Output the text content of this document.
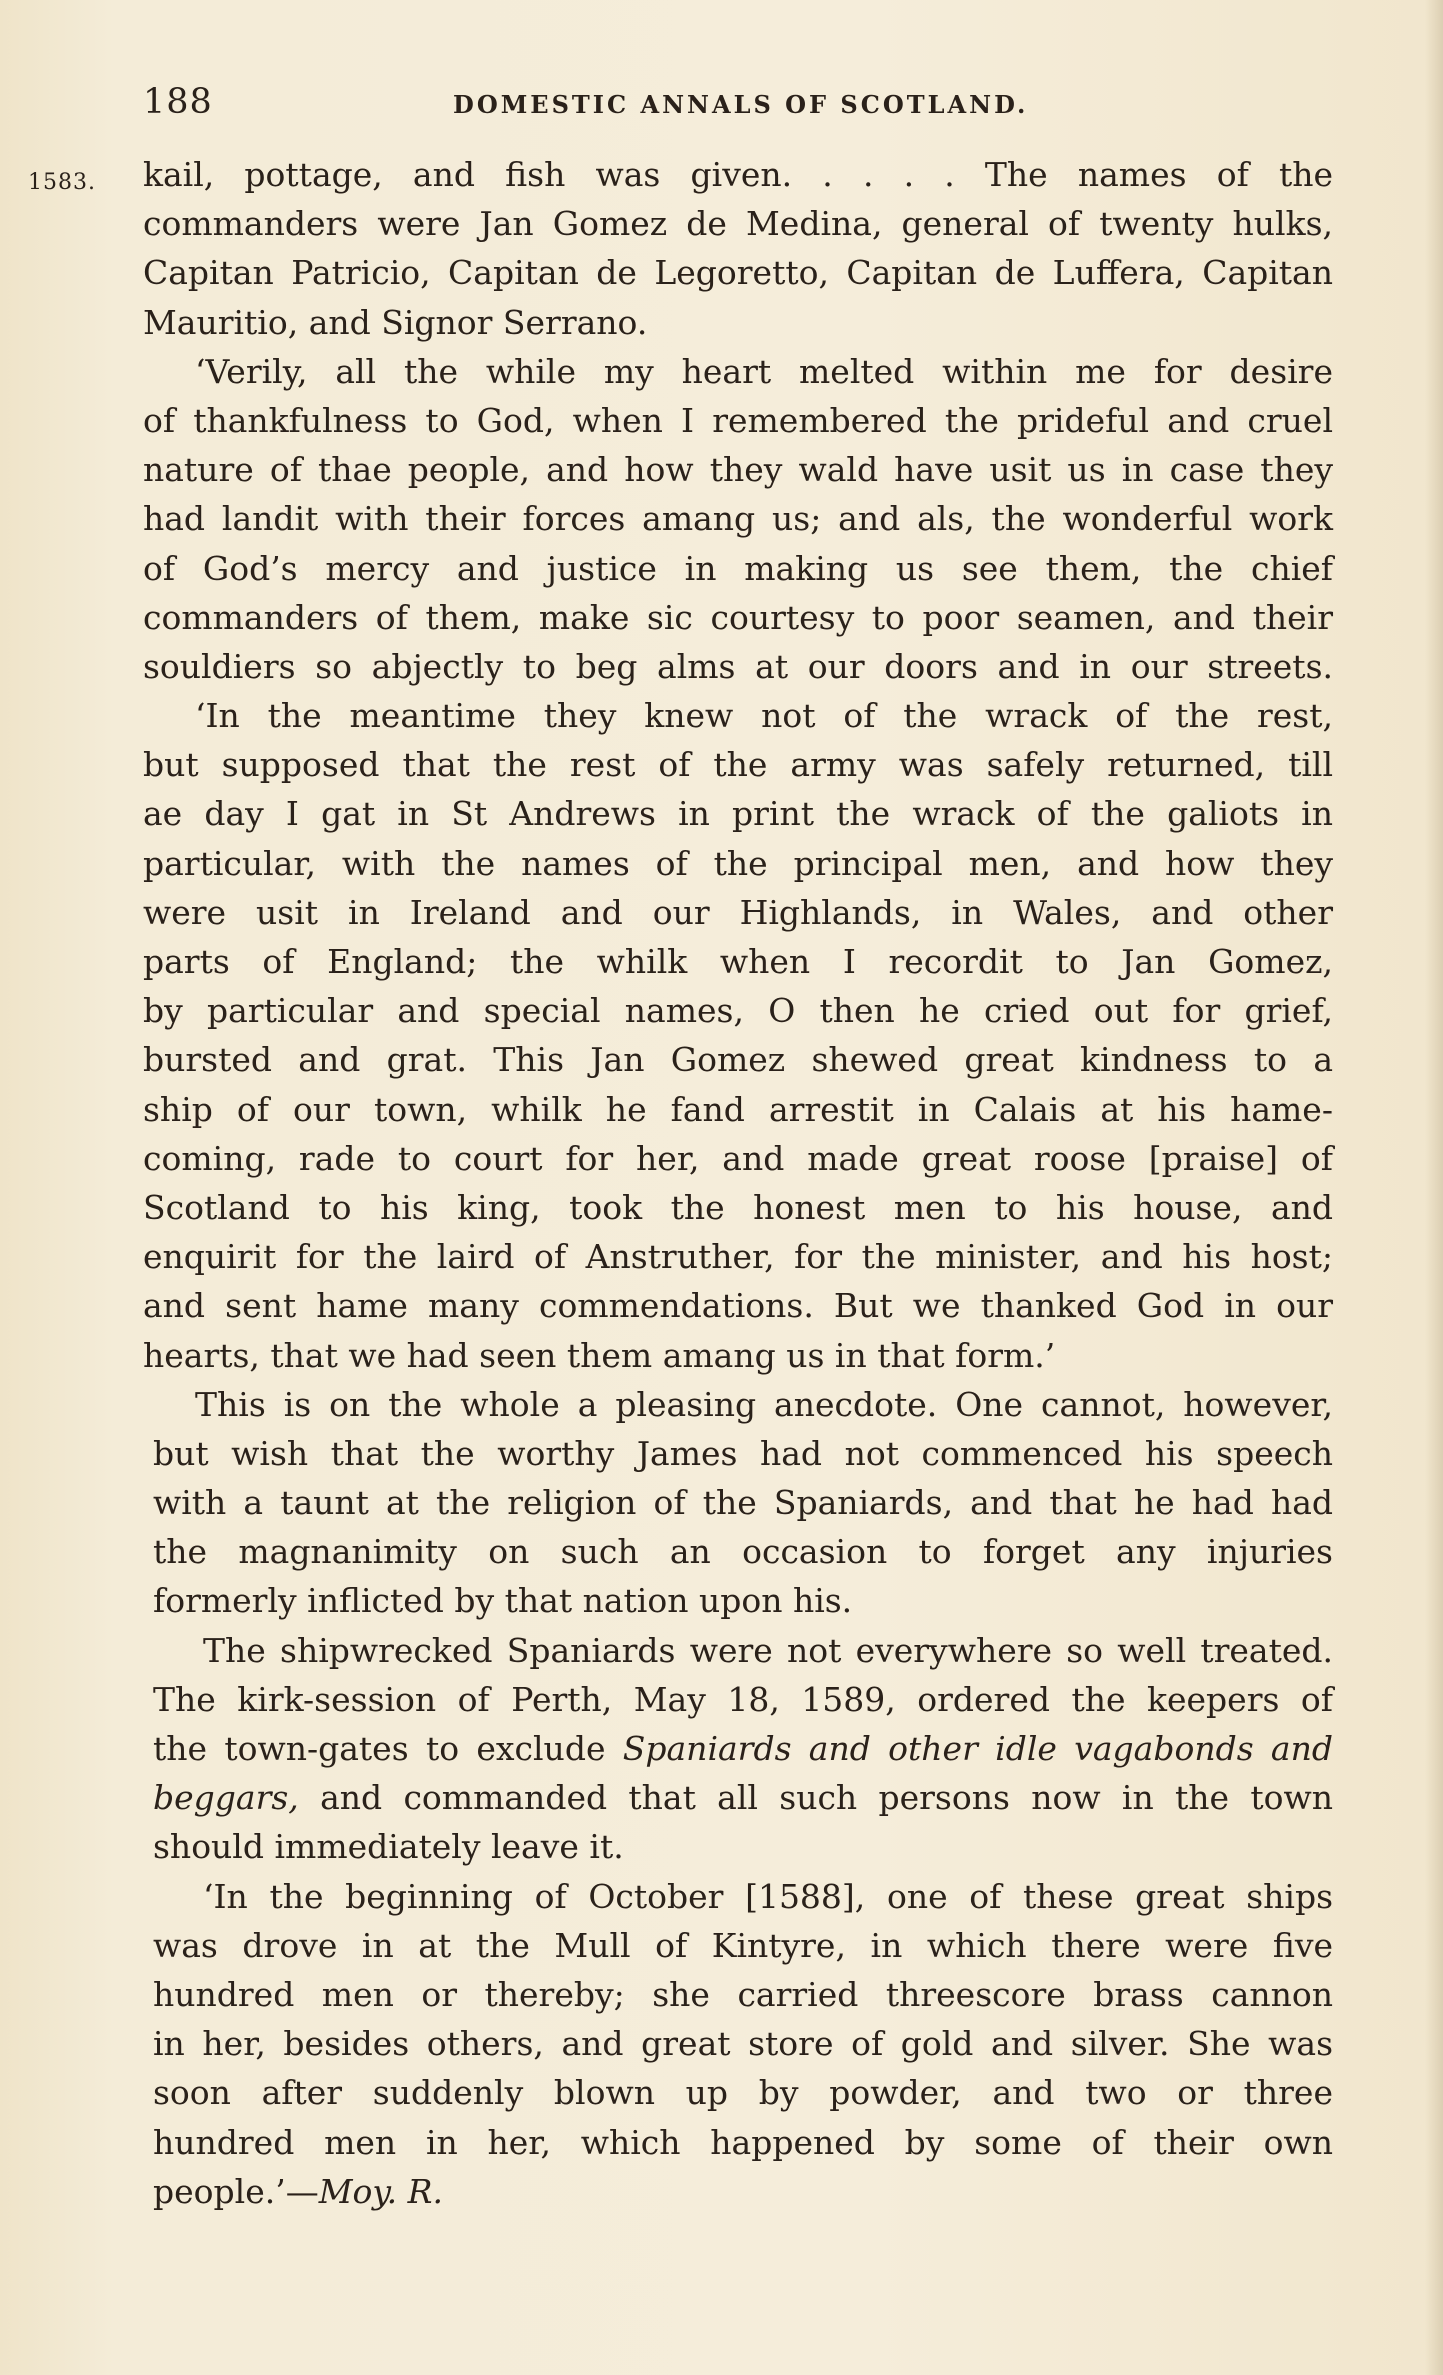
188	DOMESTIC ANNALS OF SCOTLAND.
1583. kail, pottage, and fish was given. . . . . The names of the
commanders were Jan Gomez de Medina, general of twenty hulks,
Capitan Patricio, Capitan de Legoretto, Capitan de Luffera, Capitan
Mauritio, and Signor Serrano.
‘Verily, all the while my heart melted within me for desire
of thankfulness to God, when I remembered the prideful and cruel
nature of thae people, and how they wald have usit us in case they
had landit with their forces amang us; and als, the wonderful work
of God’s mercy and justice in making us see them, the chief
commanders of them, make sic courtesy to poor seamen, and their
souldiers so abjectly to beg alms at our doors and in our streets.
‘In the meantime they knew not of the wrack of the rest,
but supposed that the rest of the army was safely returned, till
ae day I gat in St Andrews in print the wrack of the galiots in
particular, with the names of the principal men, and how they
were usit in Ireland and our Highlands, in Wales, and other
parts of England; the whilk when I recordit to Jan Gomez,
by particular and special names, O then he cried out for grief,
bursted and grat. This Jan Gomez shewed great kindness to a
ship of our town, whilk he fand arrestit in Calais at his hame-
coming, rade to court for her, and made great roose [praise] of
Scotland to his king, took the honest men to his house, and
enquirit for the laird of Anstruther, for the minister, and his host;
and sent hame many commendations. But we thanked God in our
hearts, that we had seen them amang us in that form.’
This is on the whole a pleasing anecdote. One cannot, however,
but wish that the worthy James had not commenced his speech
with a taunt at the religion of the Spaniards, and that he had had
the magnanimity on such an occasion to forget any injuries
formerly inflicted by that nation upon his.
The shipwrecked Spaniards were not everywhere so well treated.
The kirk-session of Perth, May 18, 1589, ordered the keepers of
the town-gates to exclude Spaniards and other idle vagabonds and
beggars, and commanded that all such persons now in the town
should immediately leave it.
‘In the beginning of October [1588], one of these great ships
was drove in at the Mull of Kintyre, in which there were five
hundred men or thereby; she carried threescore brass cannon
in her, besides others, and great store of gold and silver. She was
soon after suddenly blown up by powder, and two or three
hundred men in her, which happened by some of their own
people.’—Moy. R.
